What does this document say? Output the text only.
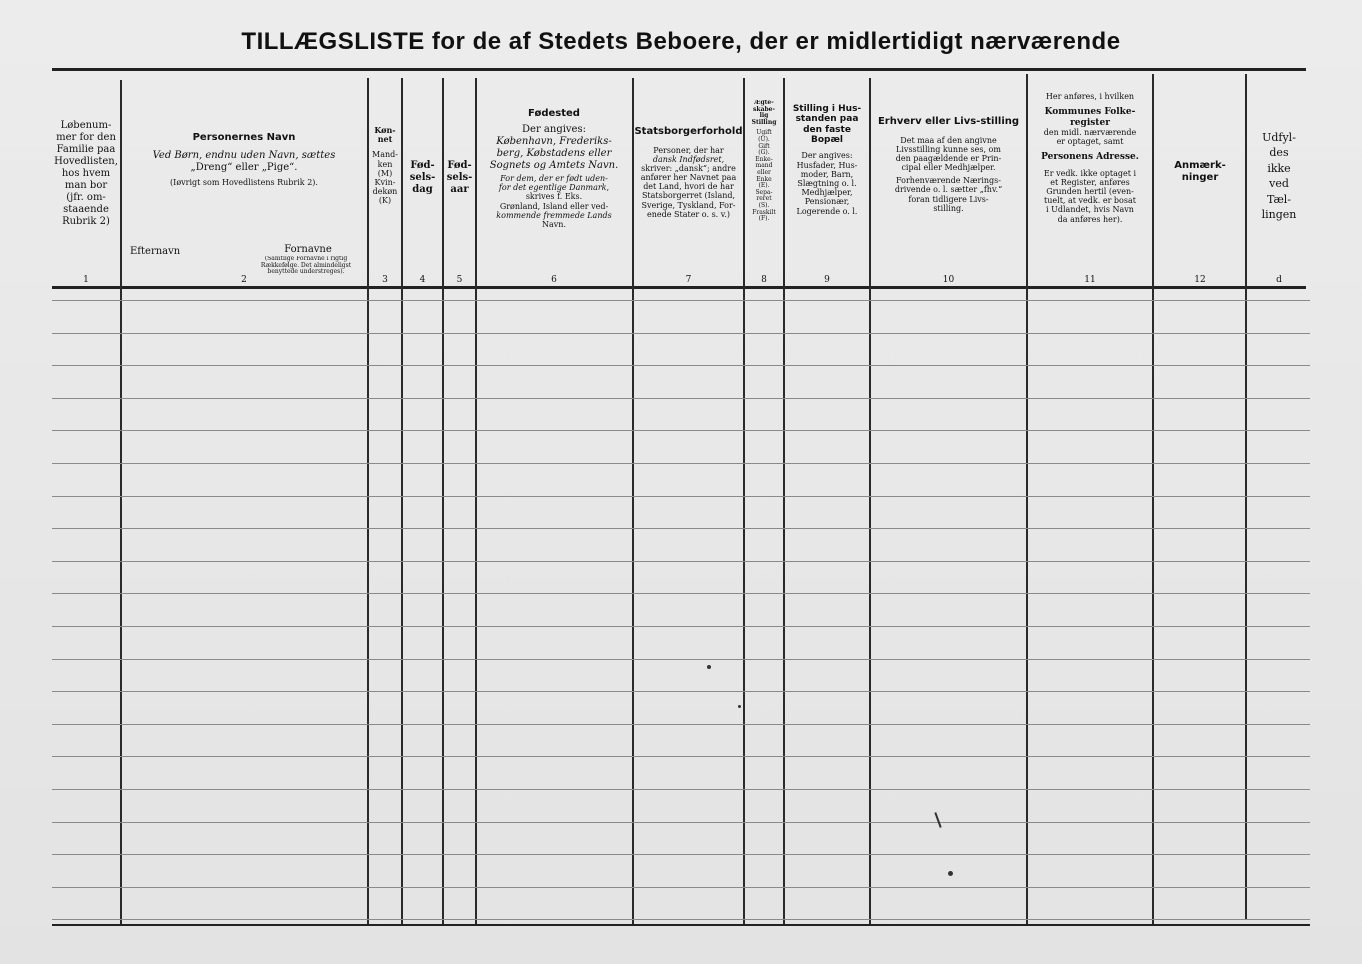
TILLÆGSLISTE for de af Stedets Beboere, der er midlertidigt nærværende
Løbenum-
mer for den
Familie paa
Hovedlisten,
hos hvem
man bor
(jfr. om-
staaende
Rubrik 2)
1
Personernes Navn
Ved Børn, endnu uden Navn, sættes
„Dreng“ eller „Pige“.
(Iøvrigt som Hovedlistens Rubrik 2).
Efternavn	Fornavne
(Samtlige Fornavne i rigtig Rækkefølge. Det almindeligst benyttede understreges).
2
Køn-
net
Mand-
ken
(M)
Kvin-
dekøn
(K)
3
Fød-
sels-
dag
4
Fød-
sels-
aar
5
Fødested
Der angives:
København, Frederiks-
berg, Købstadens eller
Sognets og Amtets Navn.
For dem, der er født uden-
for det egentlige Danmark,
skrives f. Eks.
Grønland, Island eller ved-
kommende fremmede Lands
Navn.
6
Statsborgerforhold
Personer, der har
dansk Indfødsret,
skriver: „dansk“; andre
anfører her Navnet paa
det Land, hvori de har
Statsborgerret (Island,
Sverige, Tyskland, For-
enede Stater o. s. v.)
7
Ægte-
skabe-
lig
Stilling
Ugift
(U).
Gift
(G).
Enke-
mand
eller
Enke
(E).
Sepa-
reret
(S).
Fraskilt
(F).
8
Stilling i Hus-standen paa den faste Bopæl
Der angives:
Husfader, Hus-
moder, Barn,
Slægtning o. l.
Medhjælper,
Pensionær,
Logerende o. l.
9
Erhverv eller Livs-stilling
Det maa af den angivne
Livsstilling kunne ses, om
den paagældende er Prin-
cipal eller Medhjælper.
Forhenværende Nærings-
drivende o. l. sætter „fhv.“
foran tidligere Livs-
stilling.
10
Her anføres, i hvilken
Kommunes Folke-
register
den midl. nærværende
er optaget, samt
Personens Adresse.
Er vedk. ikke optaget i
et Register, anføres
Grunden hertil (even-
tuelt, at vedk. er bosat
i Udlandet, hvis Navn
da anføres her).
11
Anmærk-
ninger
12
Udfyl-
des
ikke
ved
Tæl-
lingen
d
